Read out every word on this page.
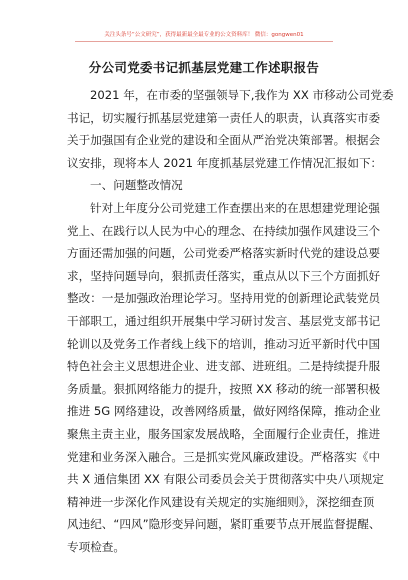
关注头条号“公文研究”，获得最新最全最专业的公文资料库！ 微信：gongwen01
分公司党委书记抓基层党建工作述职报告
2021 年，在市委的坚强领导下,我作为 XX 市移动公司党委
书记，切实履行抓基层党建第一责任人的职责，认真落实市委
关于加强国有企业党的建设和全面从严治党决策部署。根据会
议安排，现将本人 2021 年度抓基层党建工作情况汇报如下：
一、问题整改情况
针对上年度分公司党建工作查摆出来的在思想建党理论强
党上、在践行以人民为中心的理念、在持续加强作风建设三个
方面还需加强的问题，公司党委严格落实新时代党的建设总要
求，坚持问题导向，狠抓责任落实，重点从以下三个方面抓好
整改：一是加强政治理论学习。坚持用党的创新理论武装党员
干部职工，通过组织开展集中学习研讨发言、基层党支部书记
轮训以及党务工作者线上线下的培训，推动习近平新时代中国
特色社会主义思想进企业、进支部、进班组。二是持续提升服
务质量。狠抓网络能力的提升，按照 XX 移动的统一部署积极
推进 5G 网络建设，改善网络质量，做好网络保障，推动企业
聚焦主责主业，服务国家发展战略，全面履行企业责任，推进
党建和业务深入融合。三是抓实党风廉政建设。严格落实《中
共 X 通信集团 XX 有限公司委员会关于贯彻落实中央八项规定
精神进一步深化作风建设有关规定的实施细则》，深挖细查顶
风违纪、“四风”隐形变异问题，紧盯重要节点开展监督提醒、
专项检查。
